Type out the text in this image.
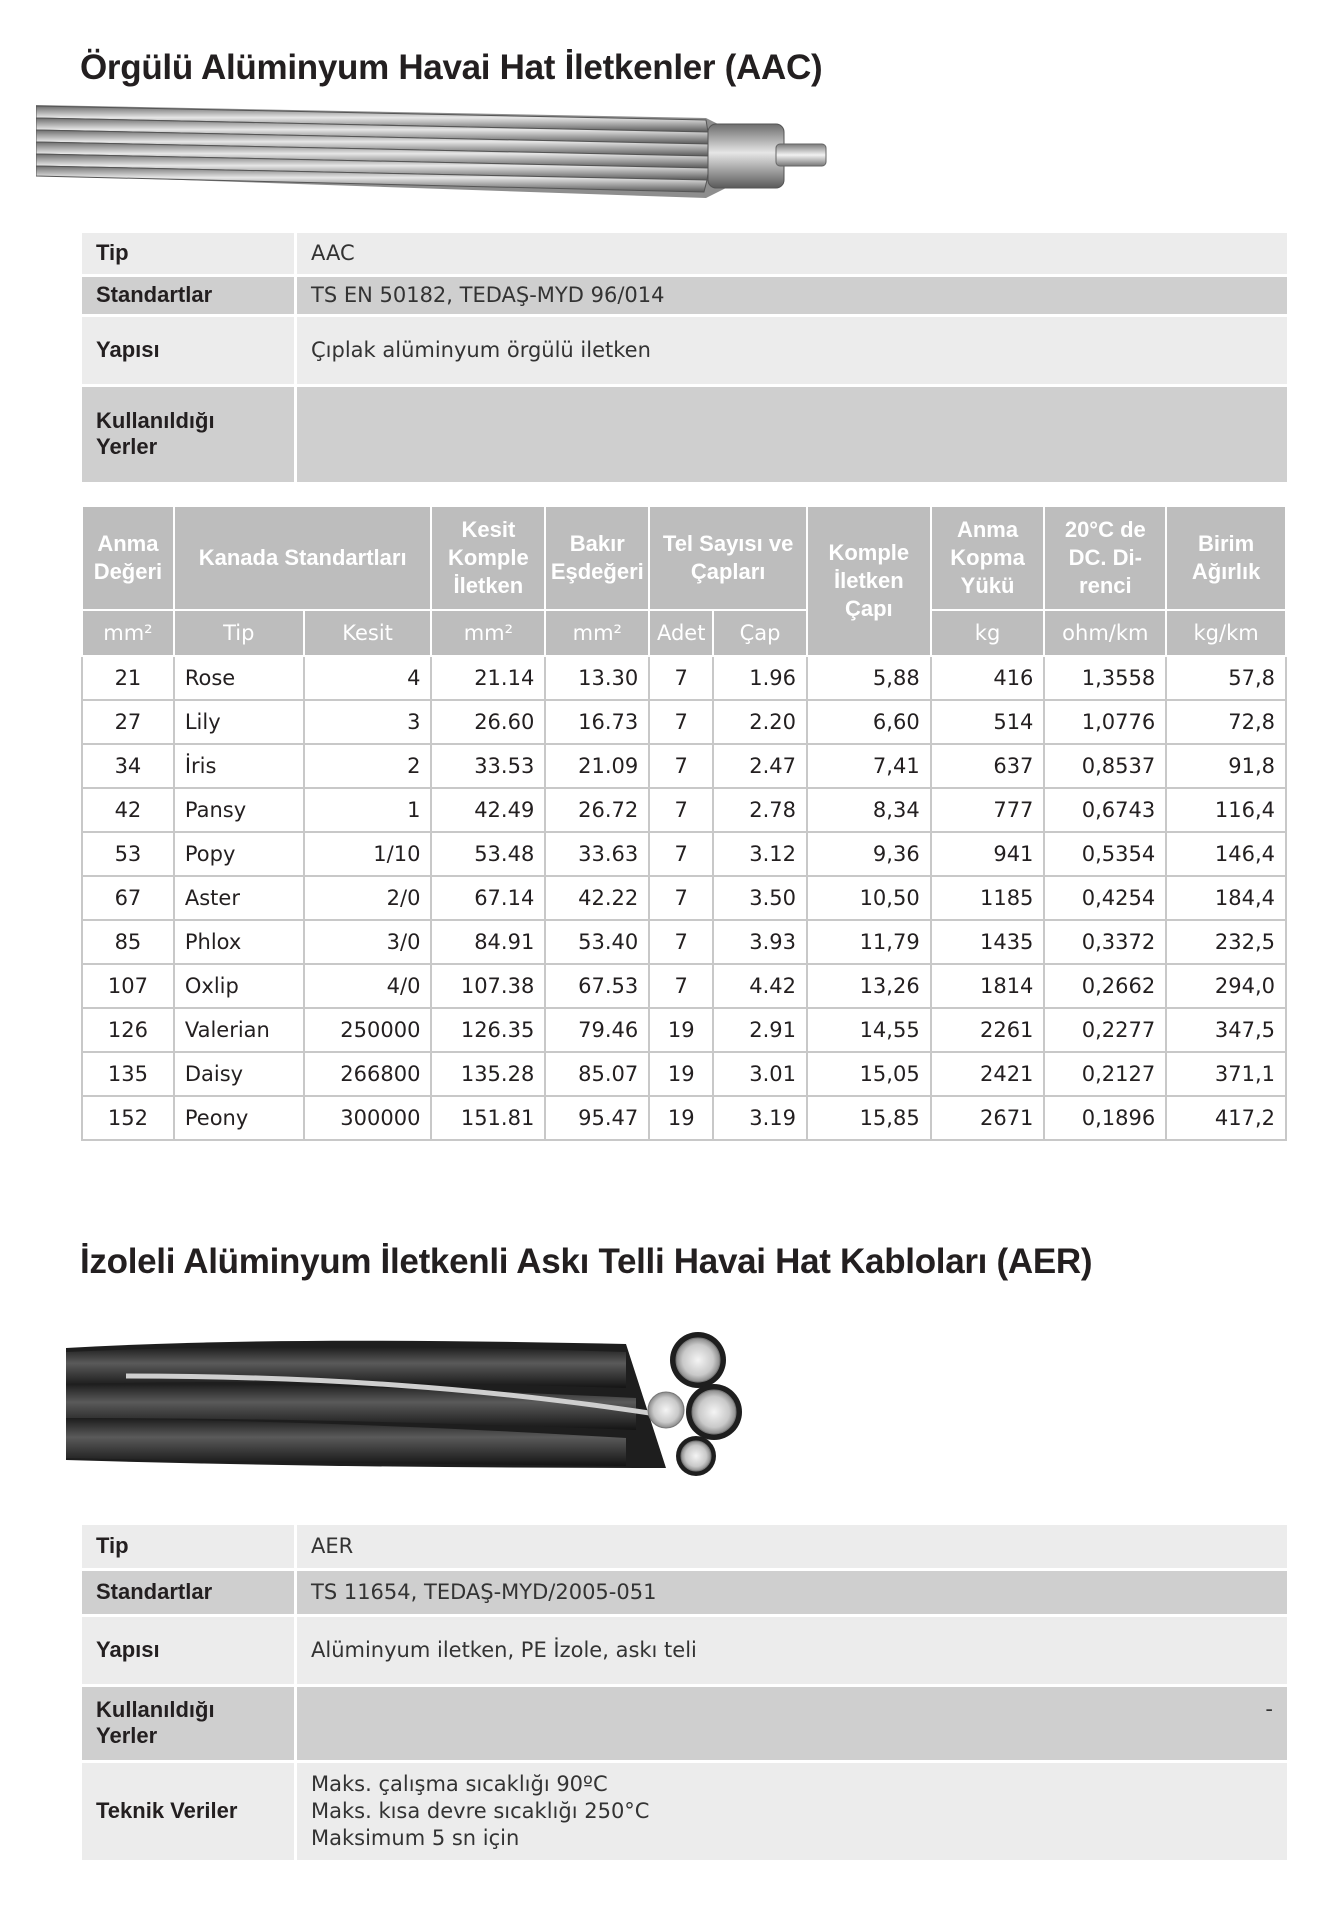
Örgülü Alüminyum Havai Hat İletkenler (AAC)
Tip	AAC
Standartlar	TS EN 50182, TEDAŞ-MYD 96/014
Yapısı	Çıplak alüminyum örgülü iletken
Kullanıldığı Yerler	
Anma Değeri	Kanada Standartları		Kesit Komple İletken	Bakır Eşdeğeri	Tel Sayısı ve Çapları		Komple İletken Çapı	Anma Kopma Yükü	20°C de DC. Di-renci	Birim Ağırlık
mm²	Tip	Kesit	mm²	mm²	Adet	Çap		kg	ohm/km	kg/km
21	Rose	4	21.14	13.30	7	1.96	5,88	416	1,3558	57,8
27	Lily	3	26.60	16.73	7	2.20	6,60	514	1,0776	72,8
34	İris	2	33.53	21.09	7	2.47	7,41	637	0,8537	91,8
42	Pansy	1	42.49	26.72	7	2.78	8,34	777	0,6743	116,4
53	Popy	1/10	53.48	33.63	7	3.12	9,36	941	0,5354	146,4
67	Aster	2/0	67.14	42.22	7	3.50	10,50	1185	0,4254	184,4
85	Phlox	3/0	84.91	53.40	7	3.93	11,79	1435	0,3372	232,5
107	Oxlip	4/0	107.38	67.53	7	4.42	13,26	1814	0,2662	294,0
126	Valerian	250000	126.35	79.46	19	2.91	14,55	2261	0,2277	347,5
135	Daisy	266800	135.28	85.07	19	3.01	15,05	2421	0,2127	371,1
152	Peony	300000	151.81	95.47	19	3.19	15,85	2671	0,1896	417,2
İzoleli Alüminyum İletkenli Askı Telli Havai Hat Kabloları (AER)
Tip	AER
Standartlar	TS 11654, TEDAŞ-MYD/2005-051
Yapısı	Alüminyum iletken, PE İzole, askı teli
Kullanıldığı Yerler	-
Teknik Veriler	Maks. çalışma sıcaklığı 90ºC
Maks. kısa devre sıcaklığı 250°C
Maksimum 5 sn için
